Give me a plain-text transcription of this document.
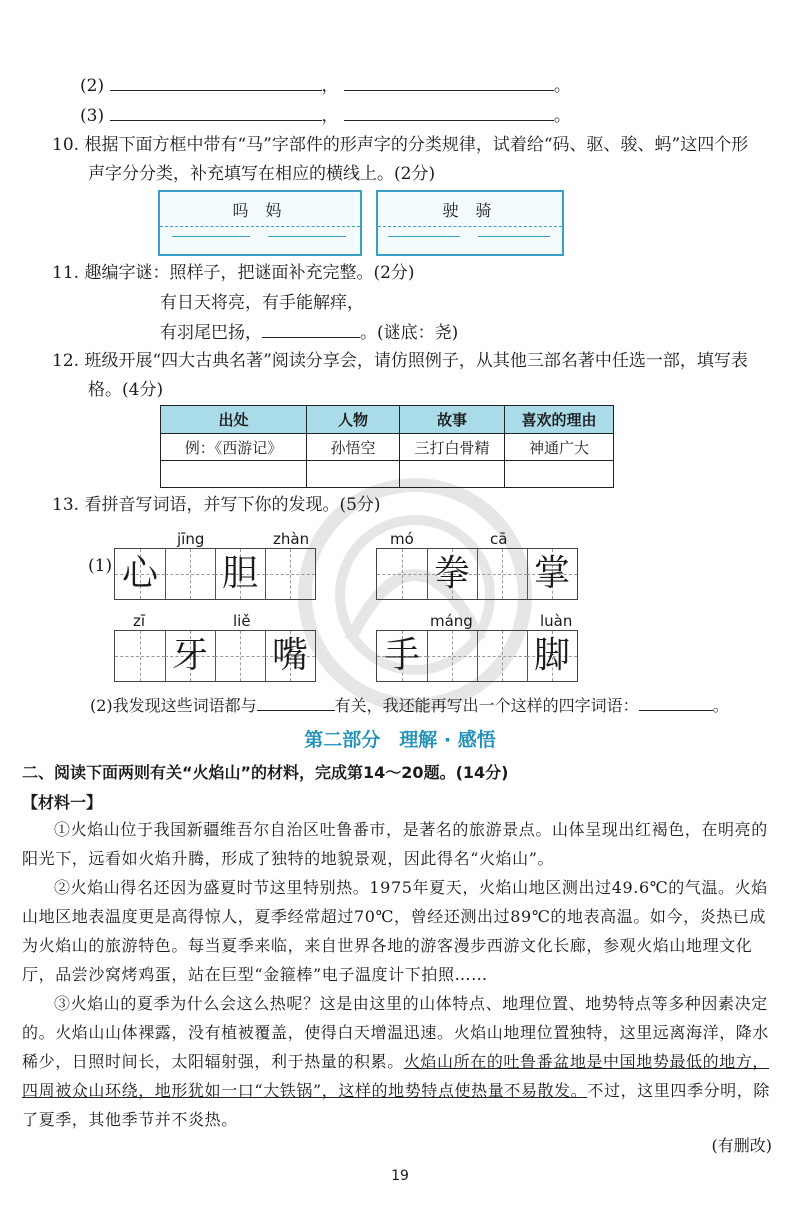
(2)	，	。
(3)	，	。
10. 根据下面方框中带有“马”字部件的形声字的分类规律，试着给“码、驱、骏、蚂”这四个形
声字分分类，补充填写在相应的横线上。(2分)
吗 妈	驶 骑
11. 趣编字谜：照样子，把谜面补充完整。(2分)
有日天将亮，有手能解痒，
有羽尾巴扬，	。(谜底：尧)
12. 班级开展“四大古典名著”阅读分享会，请仿照例子，从其他三部名著中任选一部，填写表
格。(4分)
出处	人物	故事	喜欢的理由
例：《西游记》	孙悟空	三打白骨精	神通广大

13. 看拼音写词语，并写下你的发现。(5分)
(1)
jīng	zhàn	mó	cā
心 胆	拳 掌
zī	liě	máng	luàn
牙 嘴 手	脚
(2)我发现这些词语都与	有关，我还能再写出一个这样的四字词语：	。
第二部分　理解 · 感悟
二、阅读下面两则有关“火焰山”的材料，完成第14～20题。(14分)
【材料一】
①火焰山位于我国新疆维吾尔自治区吐鲁番市，是著名的旅游景点。山体呈现出红褐色，在明亮的阳光下，远看如火焰升腾，形成了独特的地貌景观，因此得名“火焰山”。
②火焰山得名还因为盛夏时节这里特别热。1975年夏天，火焰山地区测出过49.6℃的气温。火焰山地区地表温度更是高得惊人，夏季经常超过70℃，曾经还测出过89℃的地表高温。如今，炎热已成为火焰山的旅游特色。每当夏季来临，来自世界各地的游客漫步西游文化长廊，参观火焰山地理文化厅，品尝沙窝烤鸡蛋，站在巨型“金箍棒”电子温度计下拍照……
③火焰山的夏季为什么会这么热呢？这是由这里的山体特点、地理位置、地势特点等多种因素决定的。火焰山山体裸露，没有植被覆盖，使得白天增温迅速。火焰山地理位置独特，这里远离海洋，降水稀少，日照时间长，太阳辐射强，利于热量的积累。火焰山所在的吐鲁番盆地是中国地势最低的地方，四周被众山环绕，地形犹如一口“大铁锅”，这样的地势特点使热量不易散发。不过，这里四季分明，除了夏季，其他季节并不炎热。
(有删改)
19
